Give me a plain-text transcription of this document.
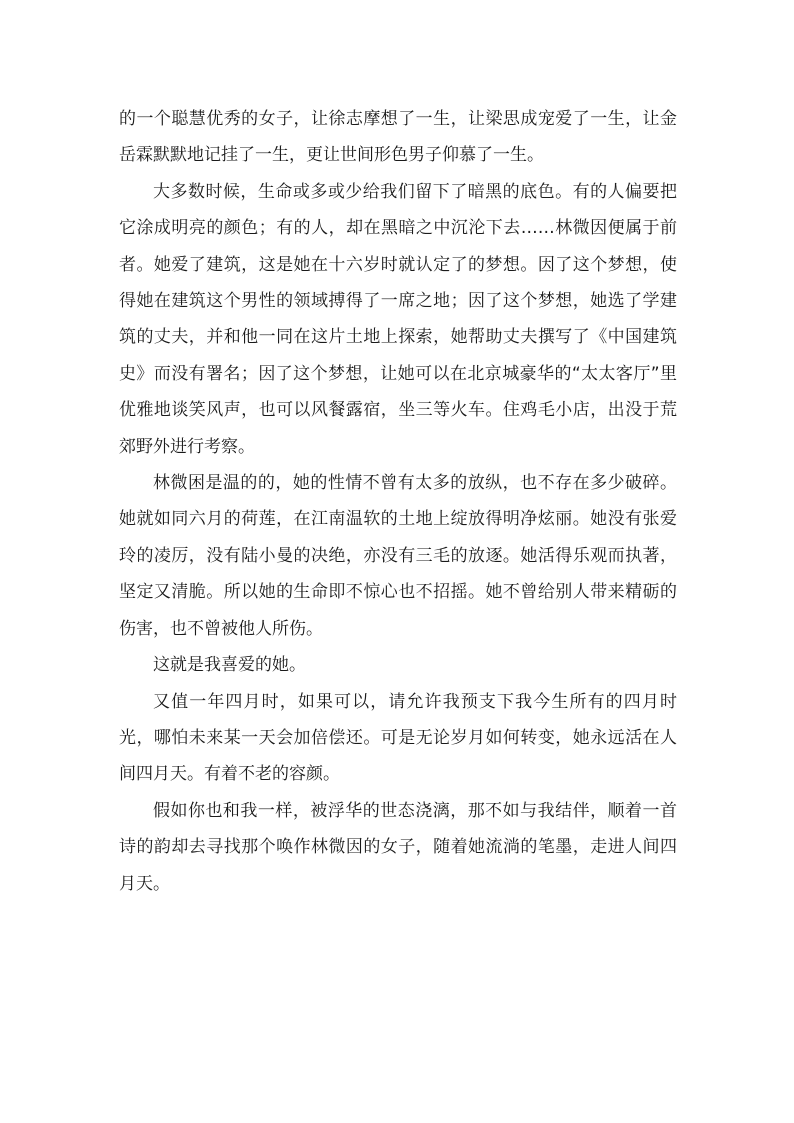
的一个聪慧优秀的女子，让徐志摩想了一生，让梁思成宠爱了一生，让金岳霖默默地记挂了一生，更让世间形色男子仰慕了一生。

大多数时候，生命或多或少给我们留下了暗黑的底色。有的人偏要把它涂成明亮的颜色；有的人，却在黑暗之中沉沦下去……林微因便属于前者。她爱了建筑，这是她在十六岁时就认定了的梦想。因了这个梦想，使得她在建筑这个男性的领域搏得了一席之地；因了这个梦想，她选了学建筑的丈夫，并和他一同在这片土地上探索，她帮助丈夫撰写了《中国建筑史》而没有署名；因了这个梦想，让她可以在北京城豪华的“太太客厅”里优雅地谈笑风声，也可以风餐露宿，坐三等火车。住鸡毛小店，出没于荒郊野外进行考察。

林微困是温的的，她的性情不曾有太多的放纵，也不存在多少破碎。她就如同六月的荷莲，在江南温软的土地上绽放得明净炫丽。她没有张爱玲的凌厉，没有陆小曼的决绝，亦没有三毛的放逐。她活得乐观而执著，坚定又清脆。所以她的生命即不惊心也不招摇。她不曾给别人带来精砺的伤害，也不曾被他人所伤。

这就是我喜爱的她。

又值一年四月时，如果可以，请允许我预支下我今生所有的四月时光，哪怕未来某一天会加倍偿还。可是无论岁月如何转变，她永远活在人间四月天。有着不老的容颜。

假如你也和我一样，被浮华的世态浇漓，那不如与我结伴，顺着一首诗的韵却去寻找那个唤作林微因的女子，随着她流淌的笔墨，走进人间四月天。
